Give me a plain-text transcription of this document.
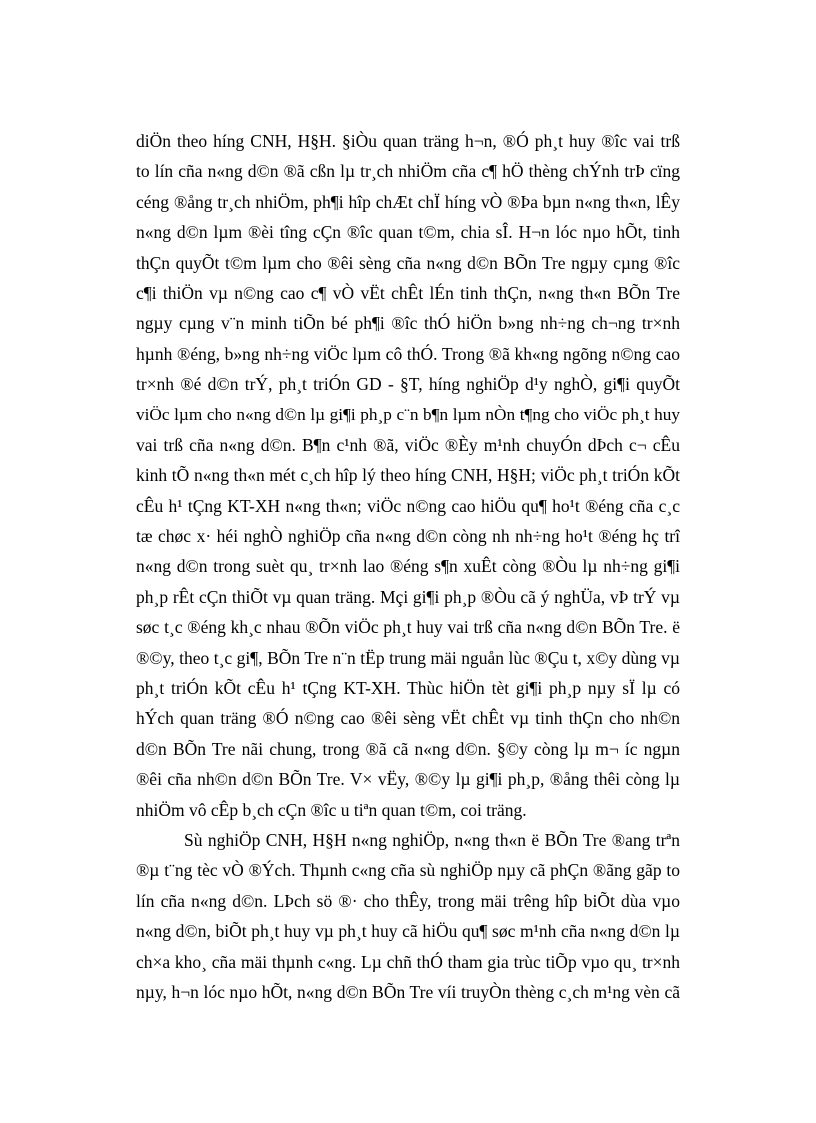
diÖn theo híng CNH, H§H. §iÒu quan träng h¬n, ®Ó ph¸t huy ®îc vai trß
to lín cña n«ng d©n ®ã cßn lµ tr¸ch nhiÖm cña c¶ hÖ thèng chÝnh trÞ cïng
céng ®ång tr¸ch nhiÖm, ph¶i hîp chÆt chÏ híng vÒ ®Þa bµn n«ng th«n, lÊy
n«ng d©n lµm ®èi tîng cÇn ®îc quan t©m, chia sÎ. H¬n lóc nµo hÕt, tinh
thÇn quyÕt t©m lµm cho ®êi sèng cña n«ng d©n BÕn Tre ngµy cµng ®îc
c¶i thiÖn vµ n©ng cao c¶ vÒ vËt chÊt lÉn tinh thÇn, n«ng th«n BÕn Tre
ngµy cµng v¨n minh tiÕn bé ph¶i ®îc thÓ hiÖn b»ng nh÷ng ch¬ng tr×nh
hµnh ®éng, b»ng nh÷ng viÖc lµm cô thÓ. Trong ®ã kh«ng ngõng n©ng cao
tr×nh ®é d©n trÝ, ph¸t triÓn GD - §T, híng nghiÖp d¹y nghÒ, gi¶i quyÕt
viÖc lµm cho n«ng d©n lµ gi¶i ph¸p c¨n b¶n lµm nÒn t¶ng cho viÖc ph¸t huy
vai trß cña n«ng d©n. B¶n c¹nh ®ã, viÖc ®Èy m¹nh chuyÓn dÞch c¬ cÊu
kinh tÕ n«ng th«n mét c¸ch hîp lý theo híng CNH, H§H; viÖc ph¸t triÓn kÕt
cÊu h¹ tÇng KT-XH n«ng th«n; viÖc n©ng cao hiÖu qu¶ ho¹t ®éng cña c¸c
tæ chøc x· héi nghÒ nghiÖp cña n«ng d©n còng nh nh÷ng ho¹t ®éng hç trî
n«ng d©n trong suèt qu¸ tr×nh lao ®éng s¶n xuÊt còng ®Òu lµ nh÷ng gi¶i
ph¸p rÊt cÇn thiÕt vµ quan träng. Mçi gi¶i ph¸p ®Òu cã ý nghÜa, vÞ trÝ vµ
søc t¸c ®éng kh¸c nhau ®Õn viÖc ph¸t huy vai trß cña n«ng d©n BÕn Tre. ë
®©y, theo t¸c gi¶, BÕn Tre n¨n tËp trung mäi nguån lùc ®Çu t, x©y dùng vµ
ph¸t triÓn kÕt cÊu h¹ tÇng KT-XH. Thùc hiÖn tèt gi¶i ph¸p nµy sÏ lµ có
hÝch quan träng ®Ó n©ng cao ®êi sèng vËt chÊt vµ tinh thÇn cho nh©n
d©n BÕn Tre nãi chung, trong ®ã cã n«ng d©n. §©y còng lµ m¬ íc ngµn
®êi cña nh©n d©n BÕn Tre. V× vËy, ®©y lµ gi¶i ph¸p, ®ång thêi còng lµ
nhiÖm vô cÊp b¸ch cÇn ®îc u tiªn quan t©m, coi träng.
Sù nghiÖp CNH, H§H n«ng nghiÖp, n«ng th«n ë BÕn Tre ®ang trªn
®µ t¨ng tèc vÒ ®Ých. Thµnh c«ng cña sù nghiÖp nµy cã phÇn ®ãng gãp to
lín cña n«ng d©n. LÞch sö ®· cho thÊy, trong mäi trêng hîp biÕt dùa vµo
n«ng d©n, biÕt ph¸t huy vµ ph¸t huy cã hiÖu qu¶ søc m¹nh cña n«ng d©n lµ
ch×a kho¸ cña mäi thµnh c«ng. Lµ chñ thÓ tham gia trùc tiÕp vµo qu¸ tr×nh
nµy, h¬n lóc nµo hÕt, n«ng d©n BÕn Tre víi truyÒn thèng c¸ch m¹ng vèn cã
